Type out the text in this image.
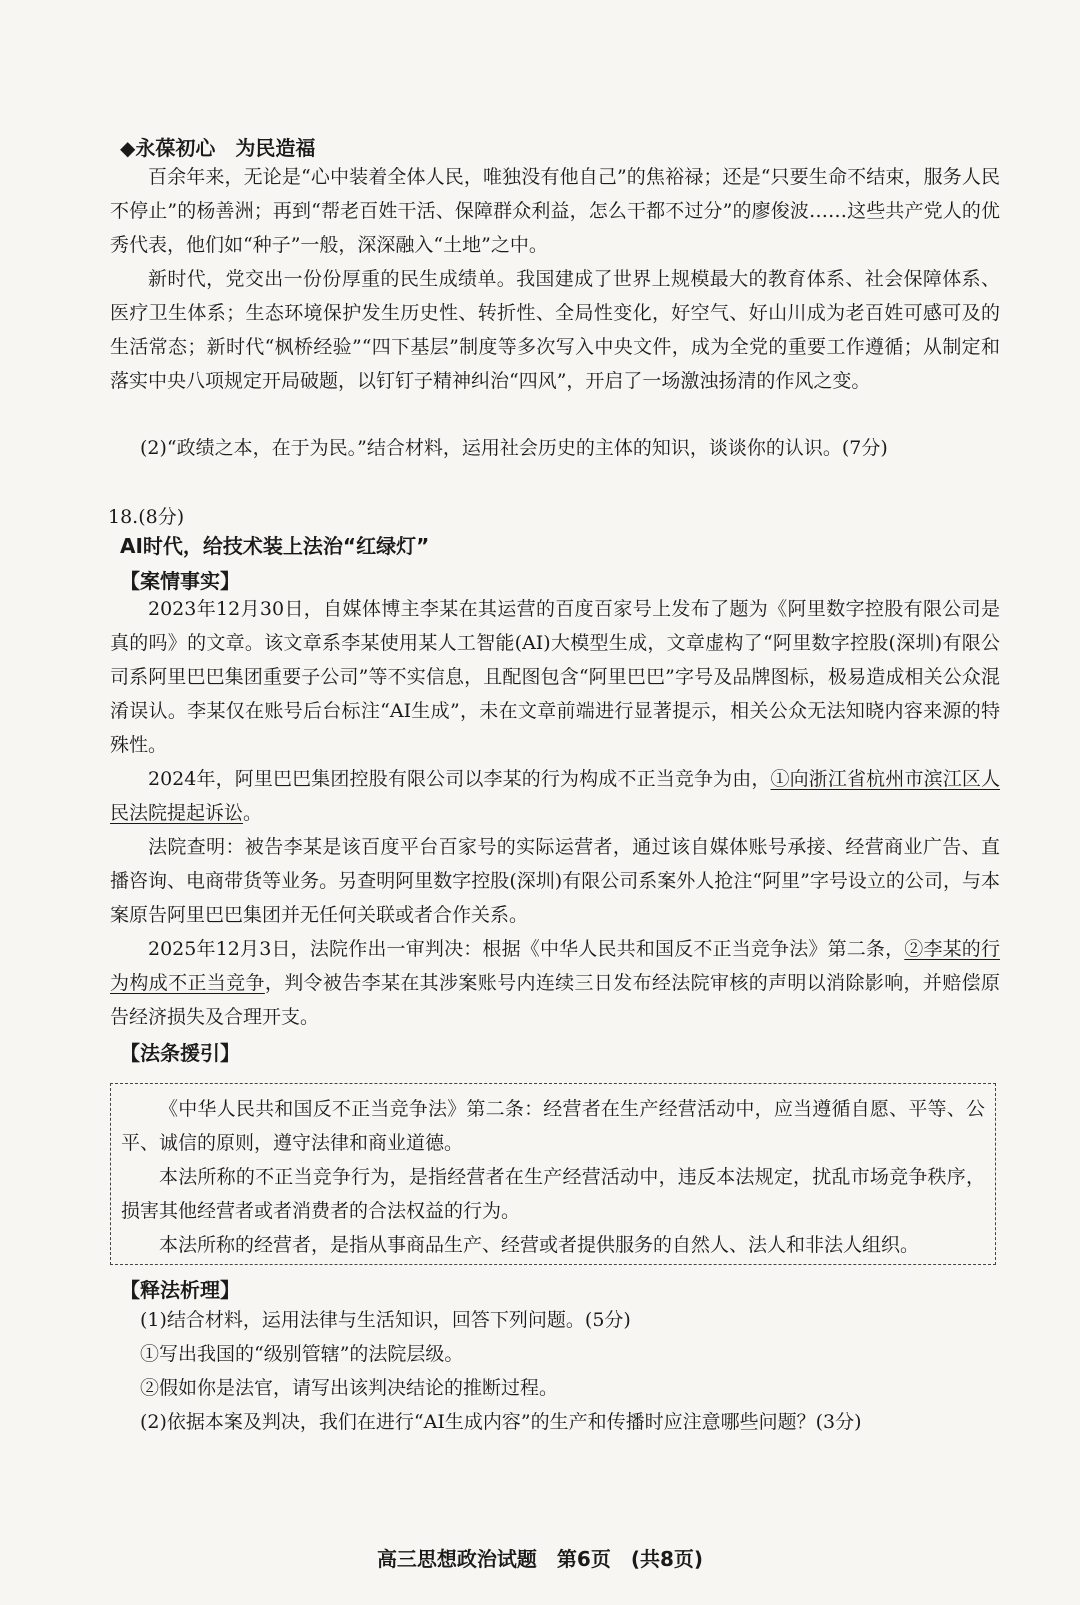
◆永葆初心　为民造福
百余年来，无论是“心中装着全体人民，唯独没有他自己”的焦裕禄；还是“只要生命不结束，服务人民不停止”的杨善洲；再到“帮老百姓干活、保障群众利益，怎么干都不过分”的廖俊波……这些共产党人的优秀代表，他们如“种子”一般，深深融入“土地”之中。
新时代，党交出一份份厚重的民生成绩单。我国建成了世界上规模最大的教育体系、社会保障体系、医疗卫生体系；生态环境保护发生历史性、转折性、全局性变化，好空气、好山川成为老百姓可感可及的生活常态；新时代“枫桥经验”“四下基层”制度等多次写入中央文件，成为全党的重要工作遵循；从制定和落实中央八项规定开局破题，以钉钉子精神纠治“四风”，开启了一场激浊扬清的作风之变。
(2)“政绩之本，在于为民。”结合材料，运用社会历史的主体的知识，谈谈你的认识。(7分)
18.(8分)
AI时代，给技术装上法治“红绿灯”
【案情事实】
2023年12月30日，自媒体博主李某在其运营的百度百家号上发布了题为《阿里数字控股有限公司是真的吗》的文章。该文章系李某使用某人工智能(AI)大模型生成，文章虚构了“阿里数字控股(深圳)有限公司系阿里巴巴集团重要子公司”等不实信息，且配图包含“阿里巴巴”字号及品牌图标，极易造成相关公众混淆误认。李某仅在账号后台标注“AI生成”，未在文章前端进行显著提示，相关公众无法知晓内容来源的特殊性。
2024年，阿里巴巴集团控股有限公司以李某的行为构成不正当竞争为由，①向浙江省杭州市滨江区人民法院提起诉讼。
法院查明：被告李某是该百度平台百家号的实际运营者，通过该自媒体账号承接、经营商业广告、直播咨询、电商带货等业务。另查明阿里数字控股(深圳)有限公司系案外人抢注“阿里”字号设立的公司，与本案原告阿里巴巴集团并无任何关联或者合作关系。
2025年12月3日，法院作出一审判决：根据《中华人民共和国反不正当竞争法》第二条，②李某的行为构成不正当竞争，判令被告李某在其涉案账号内连续三日发布经法院审核的声明以消除影响，并赔偿原告经济损失及合理开支。
【法条援引】
《中华人民共和国反不正当竞争法》第二条：经营者在生产经营活动中，应当遵循自愿、平等、公平、诚信的原则，遵守法律和商业道德。
本法所称的不正当竞争行为，是指经营者在生产经营活动中，违反本法规定，扰乱市场竞争秩序，损害其他经营者或者消费者的合法权益的行为。
本法所称的经营者，是指从事商品生产、经营或者提供服务的自然人、法人和非法人组织。
【释法析理】
(1)结合材料，运用法律与生活知识，回答下列问题。(5分)
①写出我国的“级别管辖”的法院层级。
②假如你是法官，请写出该判决结论的推断过程。
(2)依据本案及判决，我们在进行“AI生成内容”的生产和传播时应注意哪些问题？(3分)
高三思想政治试题　第6页　(共8页)
